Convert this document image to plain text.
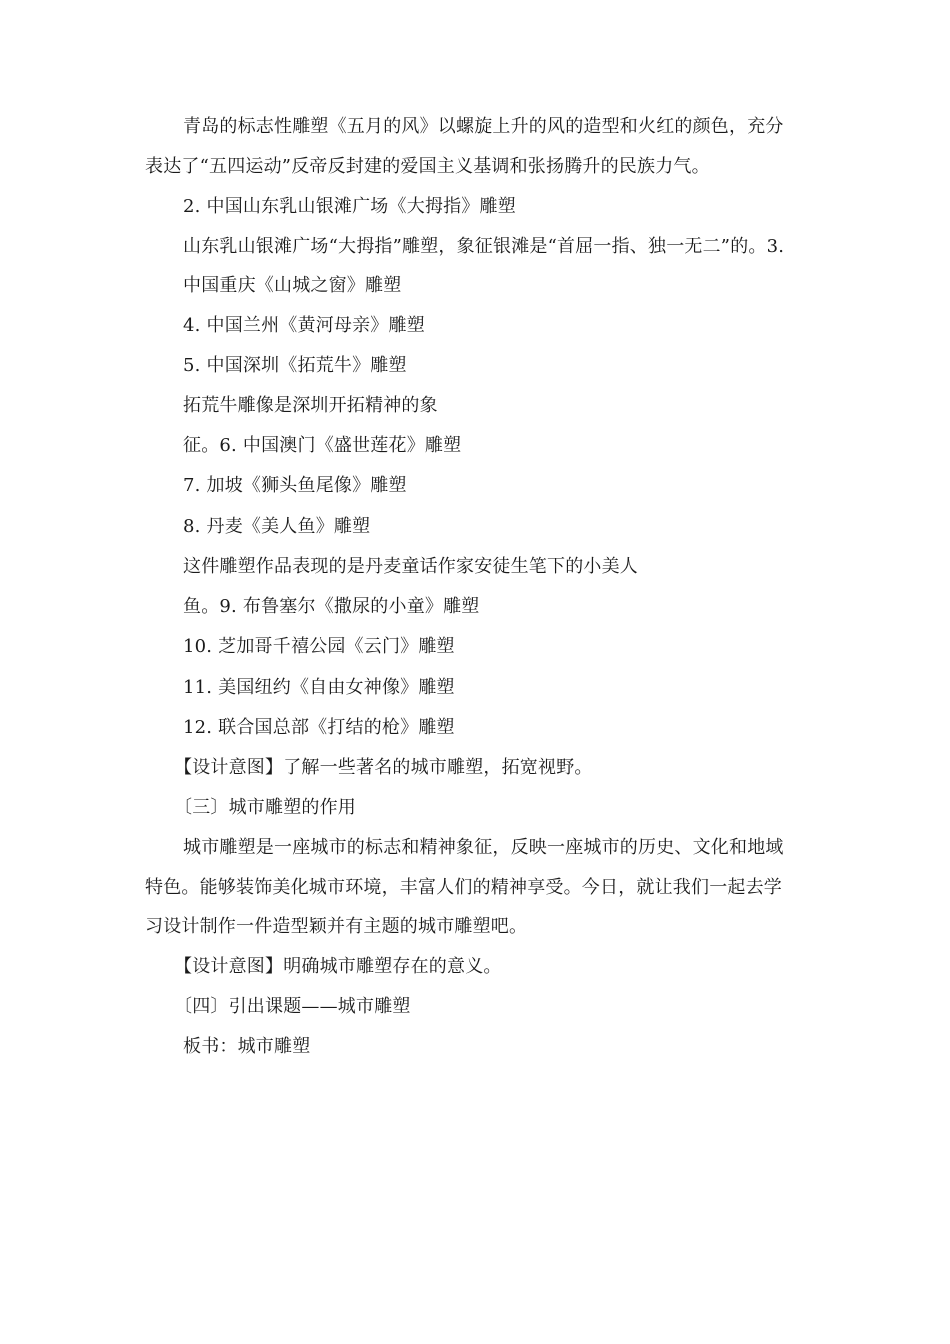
青岛的标志性雕塑《五月的风》以螺旋上升的风的造型和火红的颜色，充分
表达了“五四运动”反帝反封建的爱国主义基调和张扬腾升的民族力气。
2. 中国山东乳山银滩广场《大拇指》雕塑
山东乳山银滩广场“大拇指”雕塑，象征银滩是“首屈一指、独一无二”的。3.
中国重庆《山城之窗》雕塑
4. 中国兰州《黄河母亲》雕塑
5. 中国深圳《拓荒牛》雕塑
拓荒牛雕像是深圳开拓精神的象
征。6. 中国澳门《盛世莲花》雕塑
7. 加坡《狮头鱼尾像》雕塑
8. 丹麦《美人鱼》雕塑
这件雕塑作品表现的是丹麦童话作家安徒生笔下的小美人
鱼。9. 布鲁塞尔《撒尿的小童》雕塑
10. 芝加哥千禧公园《云门》雕塑
11. 美国纽约《自由女神像》雕塑
12. 联合国总部《打结的枪》雕塑
【设计意图】了解一些著名的城市雕塑，拓宽视野。
〔三〕城市雕塑的作用
城市雕塑是一座城市的标志和精神象征，反映一座城市的历史、文化和地域
特色。能够装饰美化城市环境，丰富人们的精神享受。今日，就让我们一起去学
习设计制作一件造型颖并有主题的城市雕塑吧。
【设计意图】明确城市雕塑存在的意义。
〔四〕引出课题——城市雕塑
板书：城市雕塑
